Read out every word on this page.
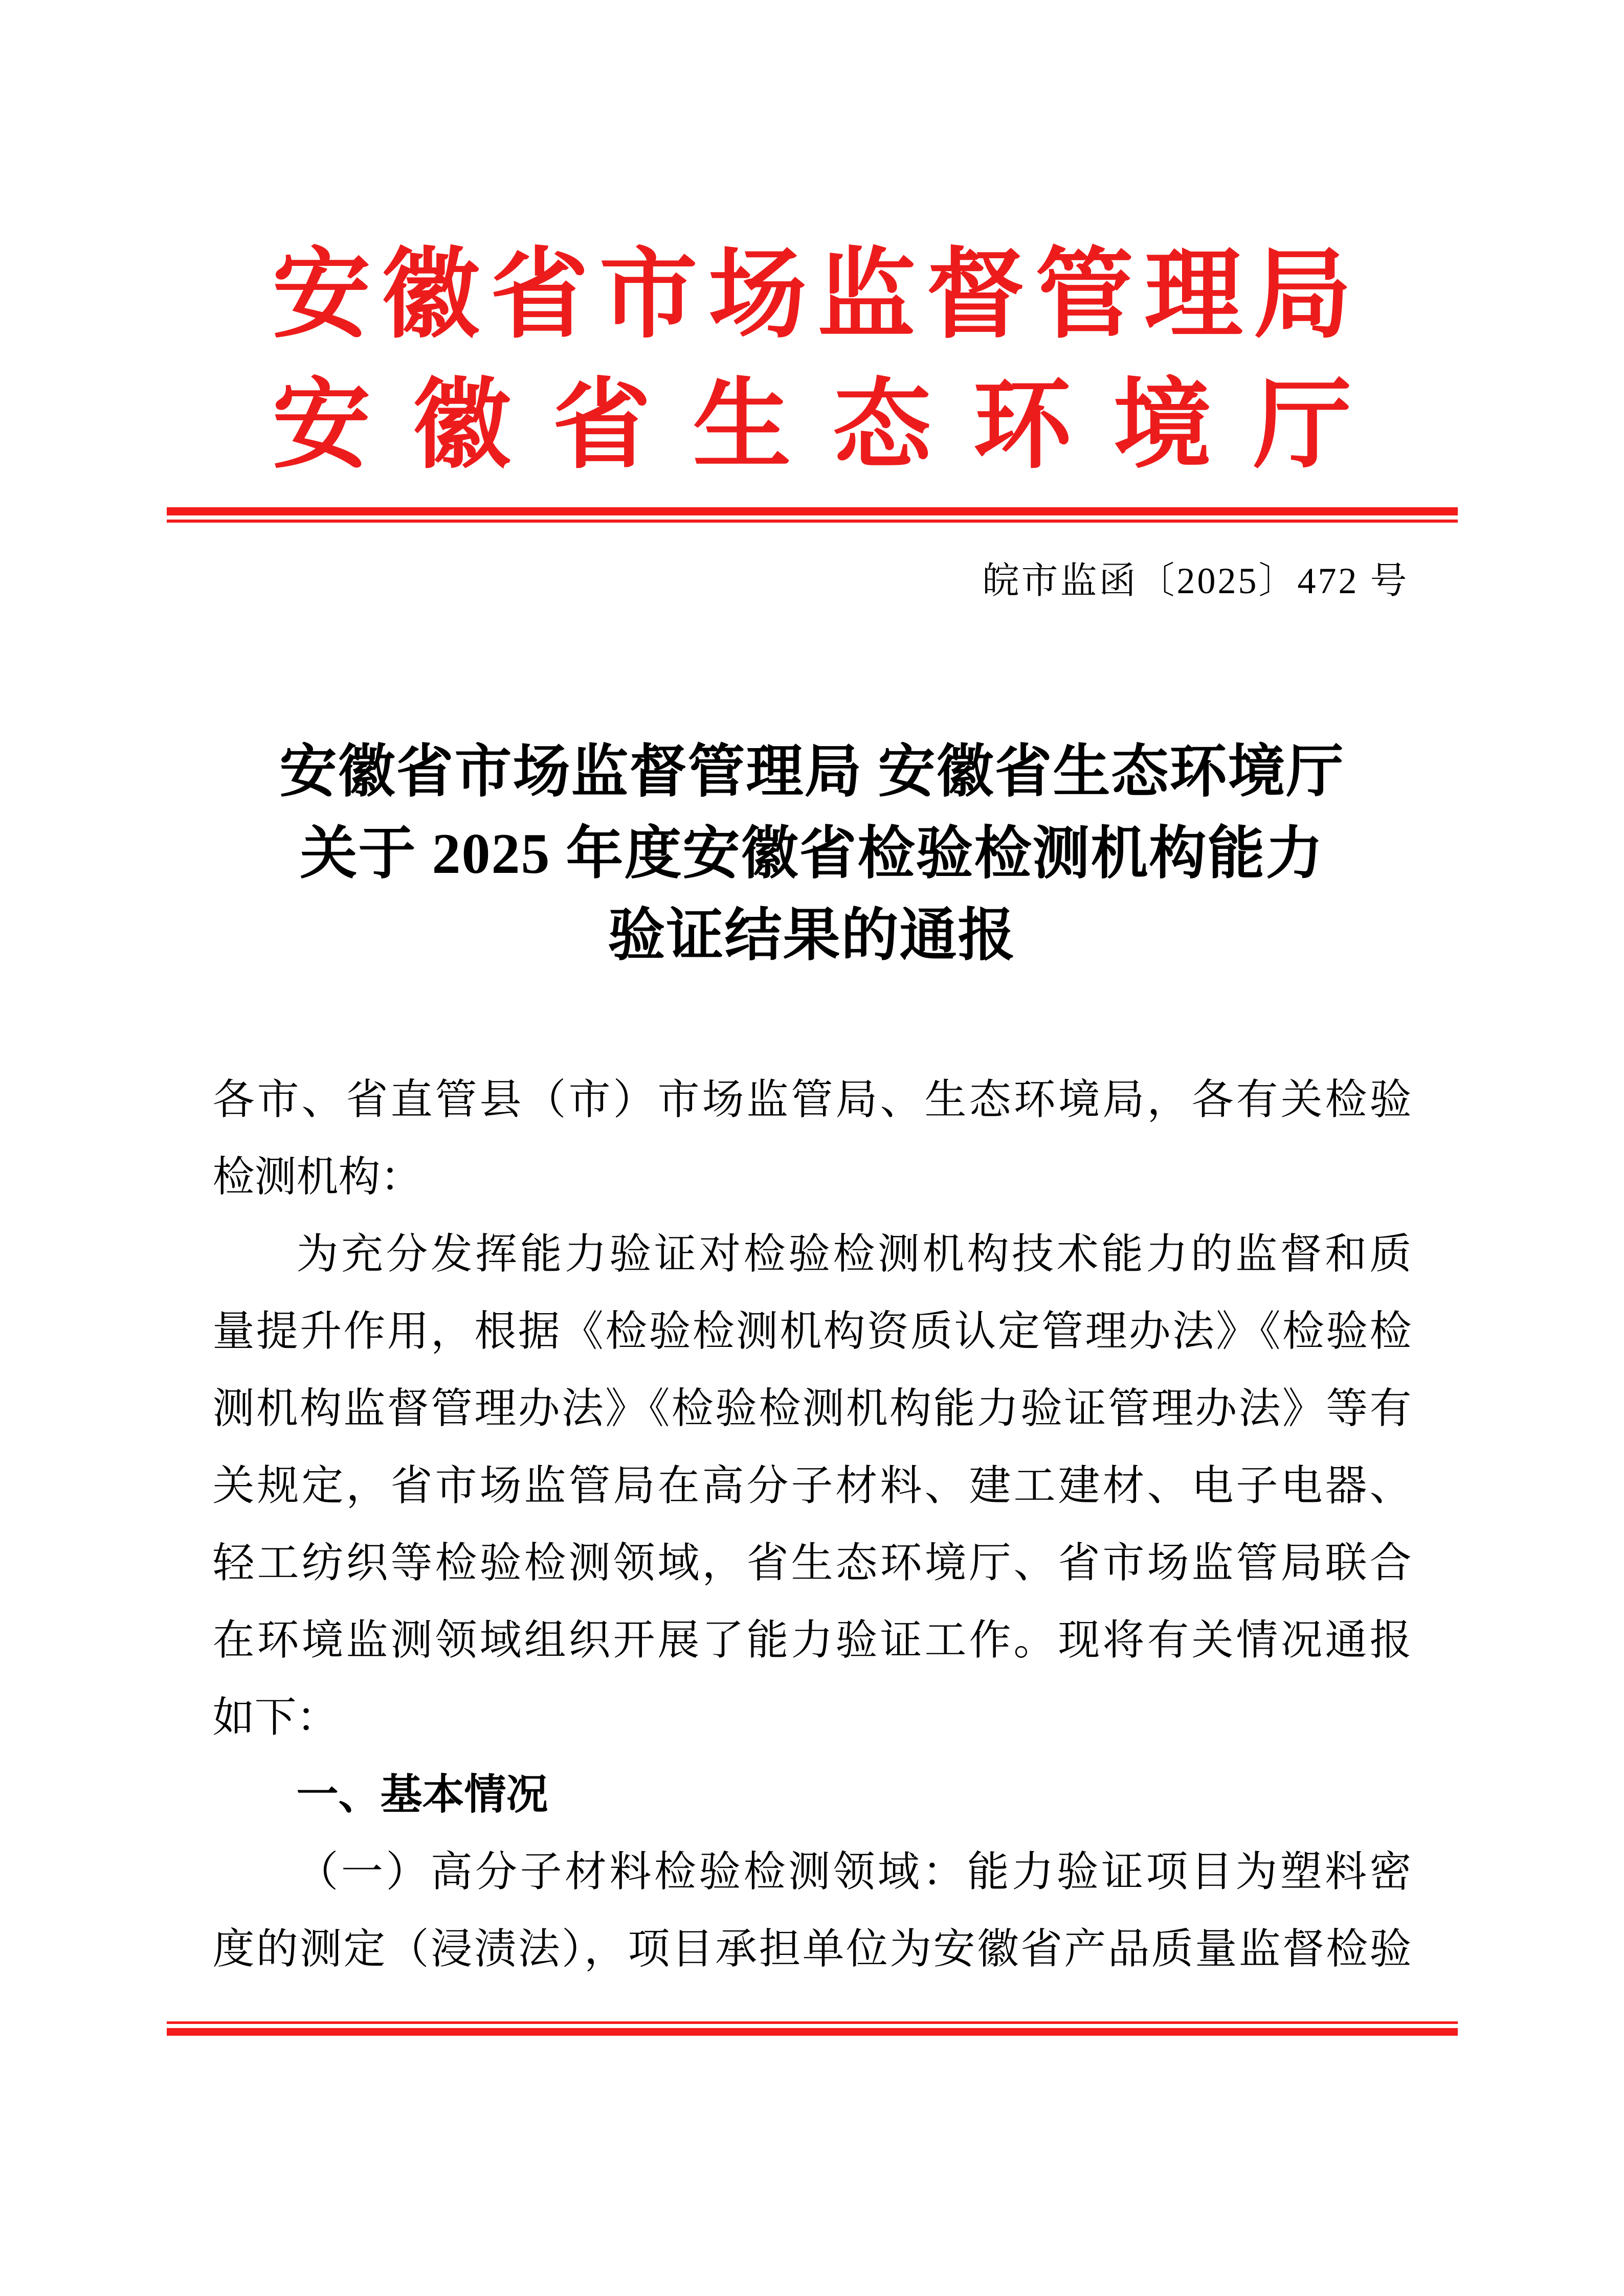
安 徽 省 市 场 监 督 管 理 局
安 徽 省 生 态 环 境 厅
皖市监函〔2025〕472 号
安徽省市场监督管理局 安徽省生态环境厅
关于 2025 年度安徽省检验检测机构能力
验证结果的通报
各市、省直管县（市）市场监管局、生态环境局，各有关检验
检测机构：
为充分发挥能力验证对检验检测机构技术能力的监督和质
量提升作用，根据《检验检测机构资质认定管理办法》《检验检
测机构监督管理办法》《检验检测机构能力验证管理办法》等有
关规定，省市场监管局在高分子材料、建工建材、电子电器、
轻工纺织等检验检测领域，省生态环境厅、省市场监管局联合
在环境监测领域组织开展了能力验证工作。现将有关情况通报
如下：
一、基本情况
（一）高分子材料检验检测领域：能力验证项目为塑料密
度的测定（浸渍法），项目承担单位为安徽省产品质量监督检验
